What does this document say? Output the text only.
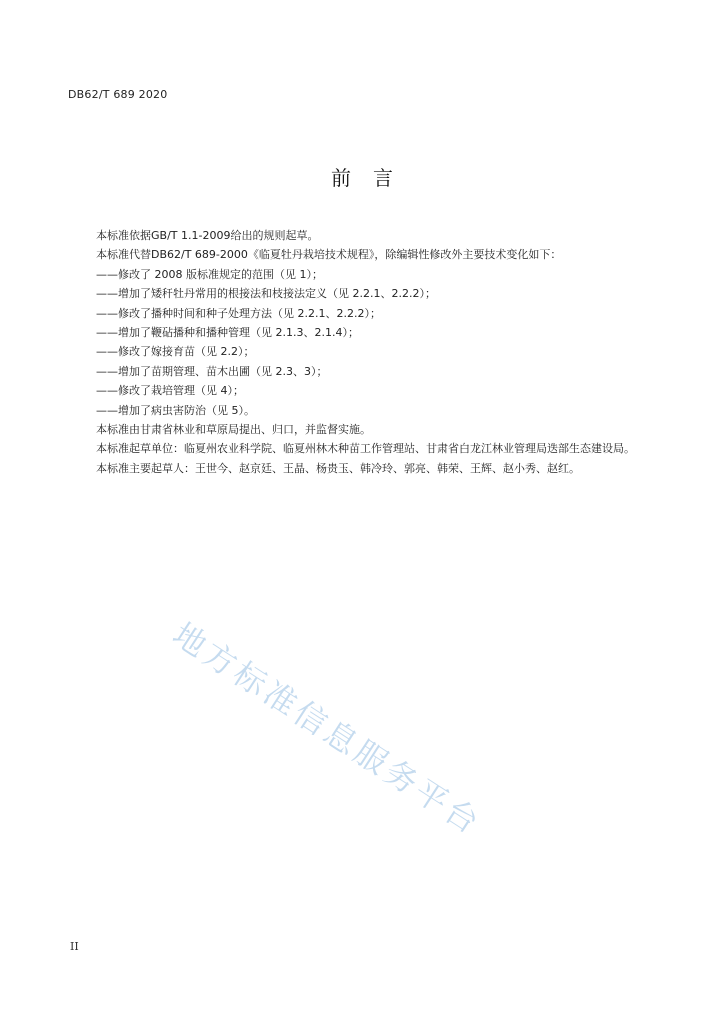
DB62/T 689 2020
前言

本标准依据GB/T 1.1-2009给出的规则起草。

本标准代替DB62/T 689-2000《临夏牡丹栽培技术规程》，除编辑性修改外主要技术变化如下：

——修改了 2008 版标准规定的范围（见 1）；

——增加了矮秆牡丹常用的根接法和枝接法定义（见 2.2.1、2.2.2）；

——修改了播种时间和种子处理方法（见 2.2.1、2.2.2）；

——增加了鞭砧播种和播种管理（见 2.1.3、2.1.4）；

——修改了嫁接育苗（见 2.2）；

——增加了苗期管理、苗木出圃（见 2.3、3）；

——修改了栽培管理（见 4）；

——增加了病虫害防治（见 5）。

本标准由甘肃省林业和草原局提出、归口，并监督实施。

本标准起草单位：临夏州农业科学院、临夏州林木种苗工作管理站、甘肃省白龙江林业管理局迭部生态建设局。

本标准主要起草人：王世今、赵京廷、王晶、杨贵玉、韩冷玲、郭亮、韩荣、王辉、赵小秀、赵红。

地方标准信息服务平台
II
